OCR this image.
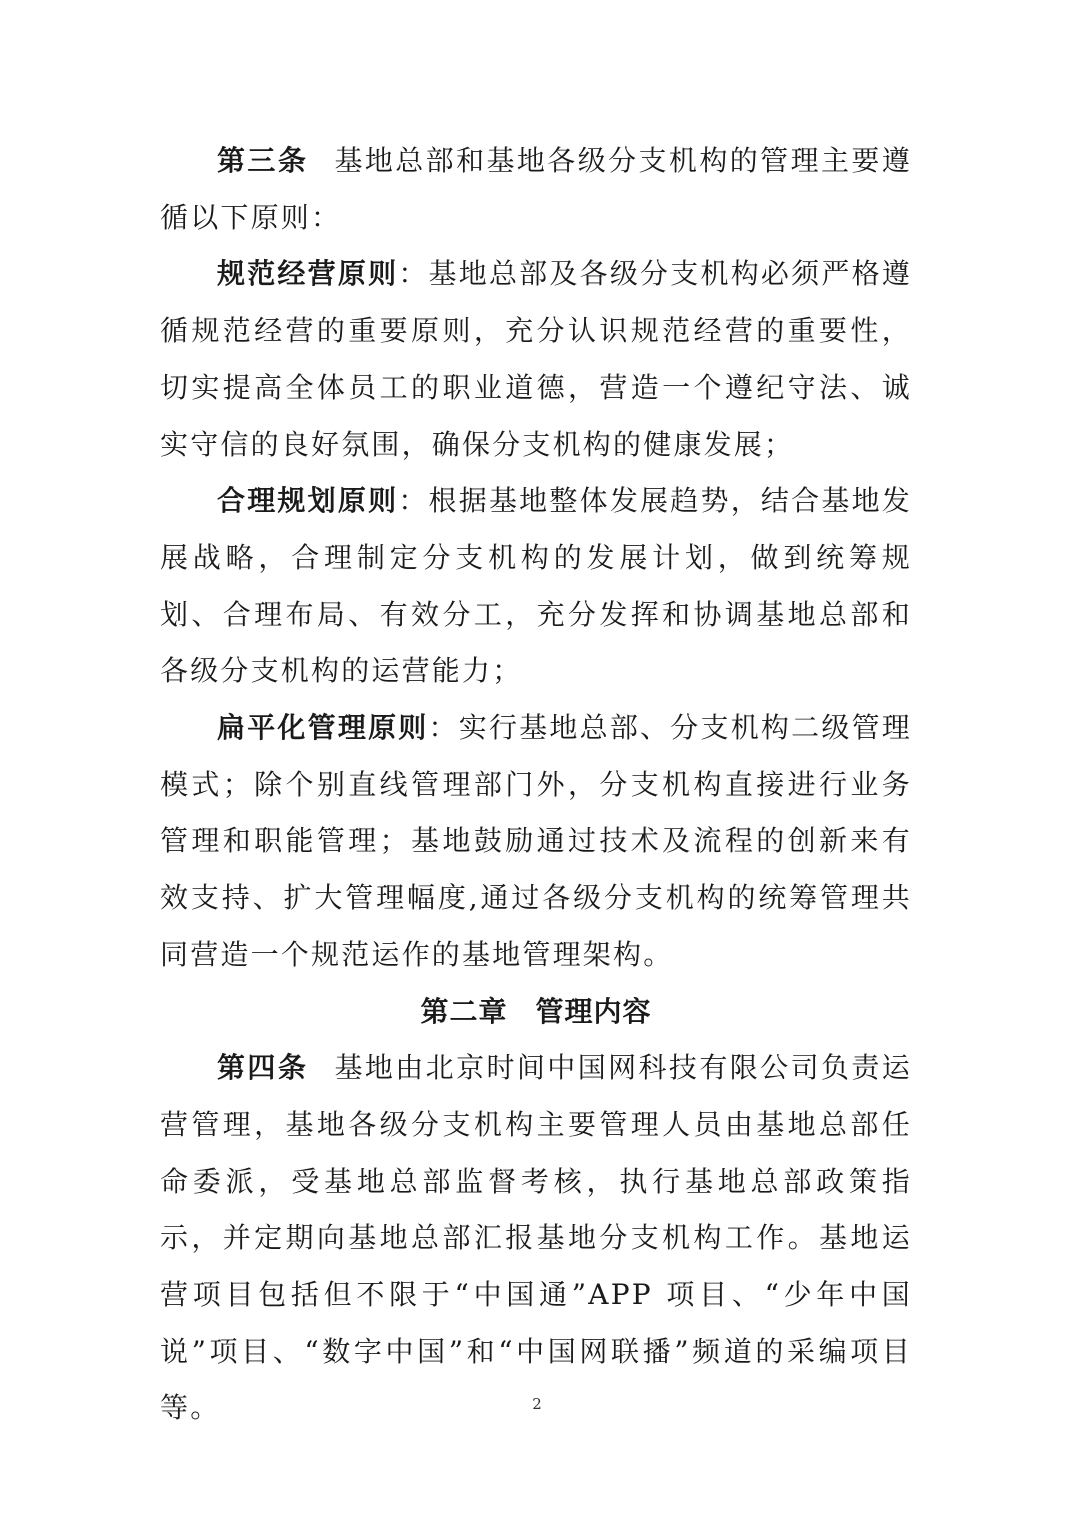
第三条 基地总部和基地各级分支机构的管理主要遵循以下原则：

规范经营原则：基地总部及各级分支机构必须严格遵循规范经营的重要原则，充分认识规范经营的重要性，切实提高全体员工的职业道德，营造一个遵纪守法、诚实守信的良好氛围，确保分支机构的健康发展；

合理规划原则：根据基地整体发展趋势，结合基地发展战略，合理制定分支机构的发展计划，做到统筹规划、合理布局、有效分工，充分发挥和协调基地总部和各级分支机构的运营能力；

扁平化管理原则：实行基地总部、分支机构二级管理模式；除个别直线管理部门外，分支机构直接进行业务管理和职能管理；基地鼓励通过技术及流程的创新来有效支持、扩大管理幅度,通过各级分支机构的统筹管理共同营造一个规范运作的基地管理架构。

第二章 管理内容

第四条 基地由北京时间中国网科技有限公司负责运营管理，基地各级分支机构主要管理人员由基地总部任命委派，受基地总部监督考核，执行基地总部政策指示，并定期向基地总部汇报基地分支机构工作。基地运营项目包括但不限于“中国通”APP 项目、“少年中国说”项目、“数字中国”和“中国网联播”频道的采编项目等。	2
